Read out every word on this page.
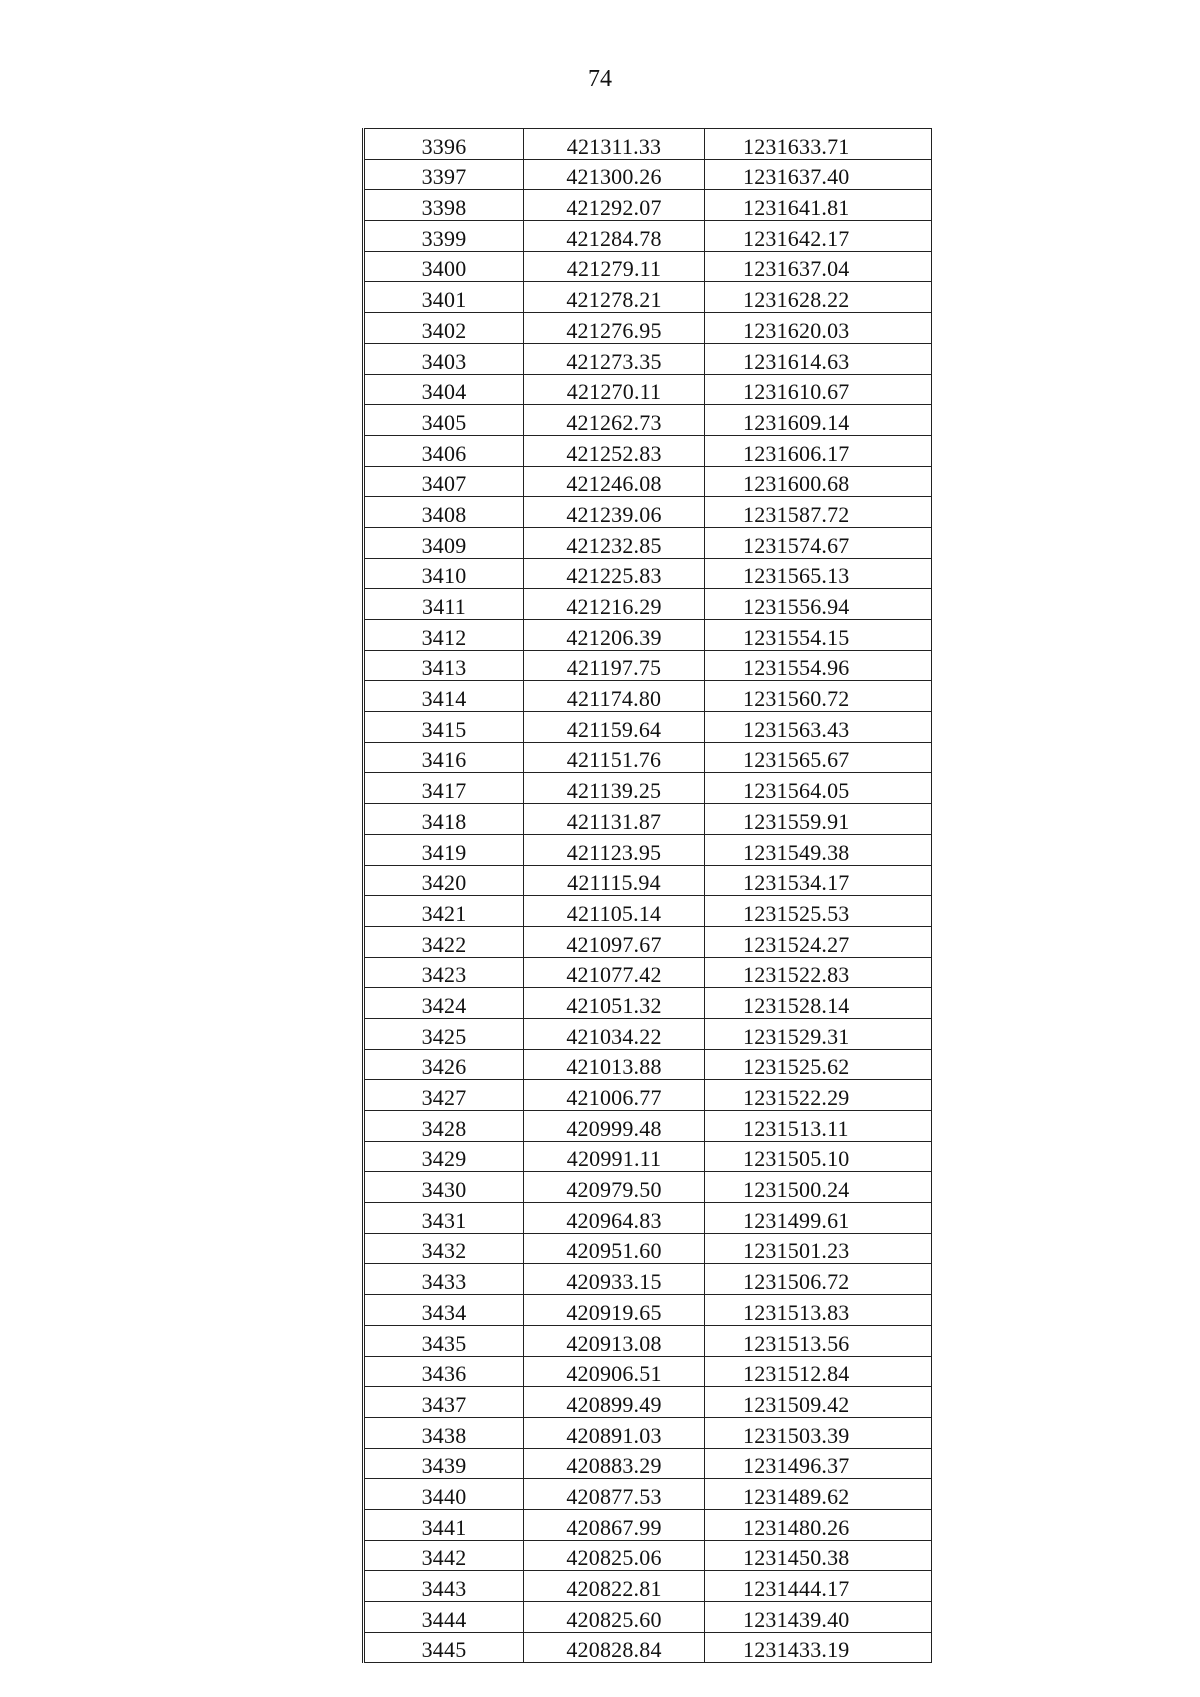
74
3396	421311.33	1231633.71
3397	421300.26	1231637.40
3398	421292.07	1231641.81
3399	421284.78	1231642.17
3400	421279.11	1231637.04
3401	421278.21	1231628.22
3402	421276.95	1231620.03
3403	421273.35	1231614.63
3404	421270.11	1231610.67
3405	421262.73	1231609.14
3406	421252.83	1231606.17
3407	421246.08	1231600.68
3408	421239.06	1231587.72
3409	421232.85	1231574.67
3410	421225.83	1231565.13
3411	421216.29	1231556.94
3412	421206.39	1231554.15
3413	421197.75	1231554.96
3414	421174.80	1231560.72
3415	421159.64	1231563.43
3416	421151.76	1231565.67
3417	421139.25	1231564.05
3418	421131.87	1231559.91
3419	421123.95	1231549.38
3420	421115.94	1231534.17
3421	421105.14	1231525.53
3422	421097.67	1231524.27
3423	421077.42	1231522.83
3424	421051.32	1231528.14
3425	421034.22	1231529.31
3426	421013.88	1231525.62
3427	421006.77	1231522.29
3428	420999.48	1231513.11
3429	420991.11	1231505.10
3430	420979.50	1231500.24
3431	420964.83	1231499.61
3432	420951.60	1231501.23
3433	420933.15	1231506.72
3434	420919.65	1231513.83
3435	420913.08	1231513.56
3436	420906.51	1231512.84
3437	420899.49	1231509.42
3438	420891.03	1231503.39
3439	420883.29	1231496.37
3440	420877.53	1231489.62
3441	420867.99	1231480.26
3442	420825.06	1231450.38
3443	420822.81	1231444.17
3444	420825.60	1231439.40
3445	420828.84	1231433.19
